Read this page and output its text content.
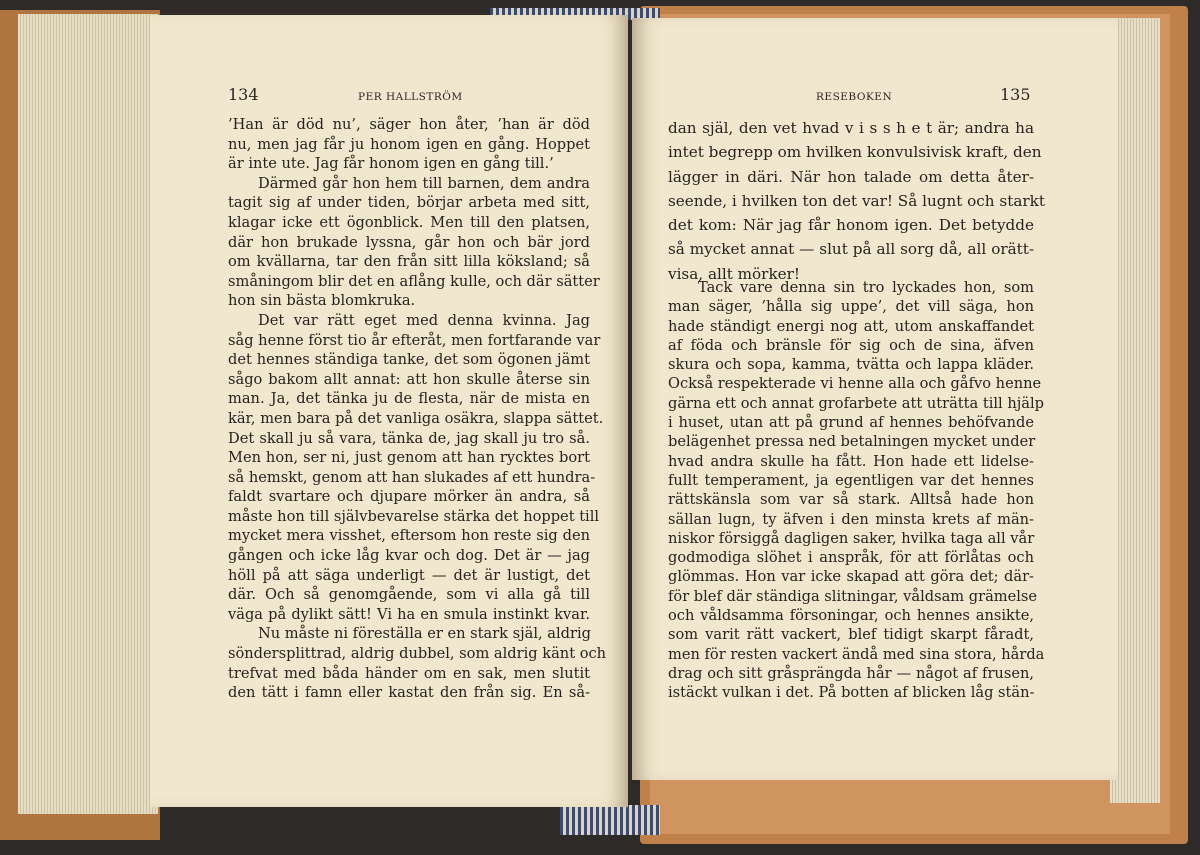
134	PER HALLSTRÖM
’Han är död nu’, säger hon åter, ’han är död
nu, men jag får ju honom igen en gång. Hoppet
är inte ute. Jag får honom igen en gång till.’
Därmed går hon hem till barnen, dem andra
tagit sig af under tiden, börjar arbeta med sitt,
klagar icke ett ögonblick. Men till den platsen,
där hon brukade lyssna, går hon och bär jord
om kvällarna, tar den från sitt lilla köksland; så
småningom blir det en aflång kulle, och där sätter
hon sin bästa blomkruka.
Det var rätt eget med denna kvinna. Jag
såg henne först tio år efteråt, men fortfarande var
det hennes ständiga tanke, det som ögonen jämt
sågo bakom allt annat: att hon skulle återse sin
man. Ja, det tänka ju de flesta, när de mista en
kär, men bara på det vanliga osäkra, slappa sättet.
Det skall ju så vara, tänka de, jag skall ju tro så.
Men hon, ser ni, just genom att han rycktes bort
så hemskt, genom att han slukades af ett hundra-
faldt svartare och djupare mörker än andra, så
måste hon till självbevarelse stärka det hoppet till
mycket mera visshet, eftersom hon reste sig den
gången och icke låg kvar och dog. Det är — jag
höll på att säga underligt — det är lustigt, det
där. Och så genomgående, som vi alla gå till
väga på dylikt sätt! Vi ha en smula instinkt kvar.
Nu måste ni föreställa er en stark själ, aldrig
söndersplittrad, aldrig dubbel, som aldrig känt och
trefvat med båda händer om en sak, men slutit
den tätt i famn eller kastat den från sig. En så-
RESEBOKEN	135
dan själ, den vet hvad v i s s h e t är; andra ha
intet begrepp om hvilken konvulsivisk kraft, den
lägger in däri. När hon talade om detta åter-
seende, i hvilken ton det var! Så lugnt och starkt
det kom: När jag får honom igen. Det betydde
så mycket annat — slut på all sorg då, all orätt-
visa, allt mörker!
Tack vare denna sin tro lyckades hon, som
man säger, ’hålla sig uppe’, det vill säga, hon
hade ständigt energi nog att, utom anskaffandet
af föda och bränsle för sig och de sina, äfven
skura och sopa, kamma, tvätta och lappa kläder.
Också respekterade vi henne alla och gåfvo henne
gärna ett och annat grofarbete att uträtta till hjälp
i huset, utan att på grund af hennes behöfvande
belägenhet pressa ned betalningen mycket under
hvad andra skulle ha fått. Hon hade ett lidelse-
fullt temperament, ja egentligen var det hennes
rättskänsla som var så stark. Alltså hade hon
sällan lugn, ty äfven i den minsta krets af män-
niskor försiggå dagligen saker, hvilka taga all vår
godmodiga slöhet i anspråk, för att förlåtas och
glömmas. Hon var icke skapad att göra det; där-
för blef där ständiga slitningar, våldsam grämelse
och våldsamma försoningar, och hennes ansikte,
som varit rätt vackert, blef tidigt skarpt fåradt,
men för resten vackert ändå med sina stora, hårda
drag och sitt gråsprängda hår — något af frusen,
istäckt vulkan i det. På botten af blicken låg stän-
